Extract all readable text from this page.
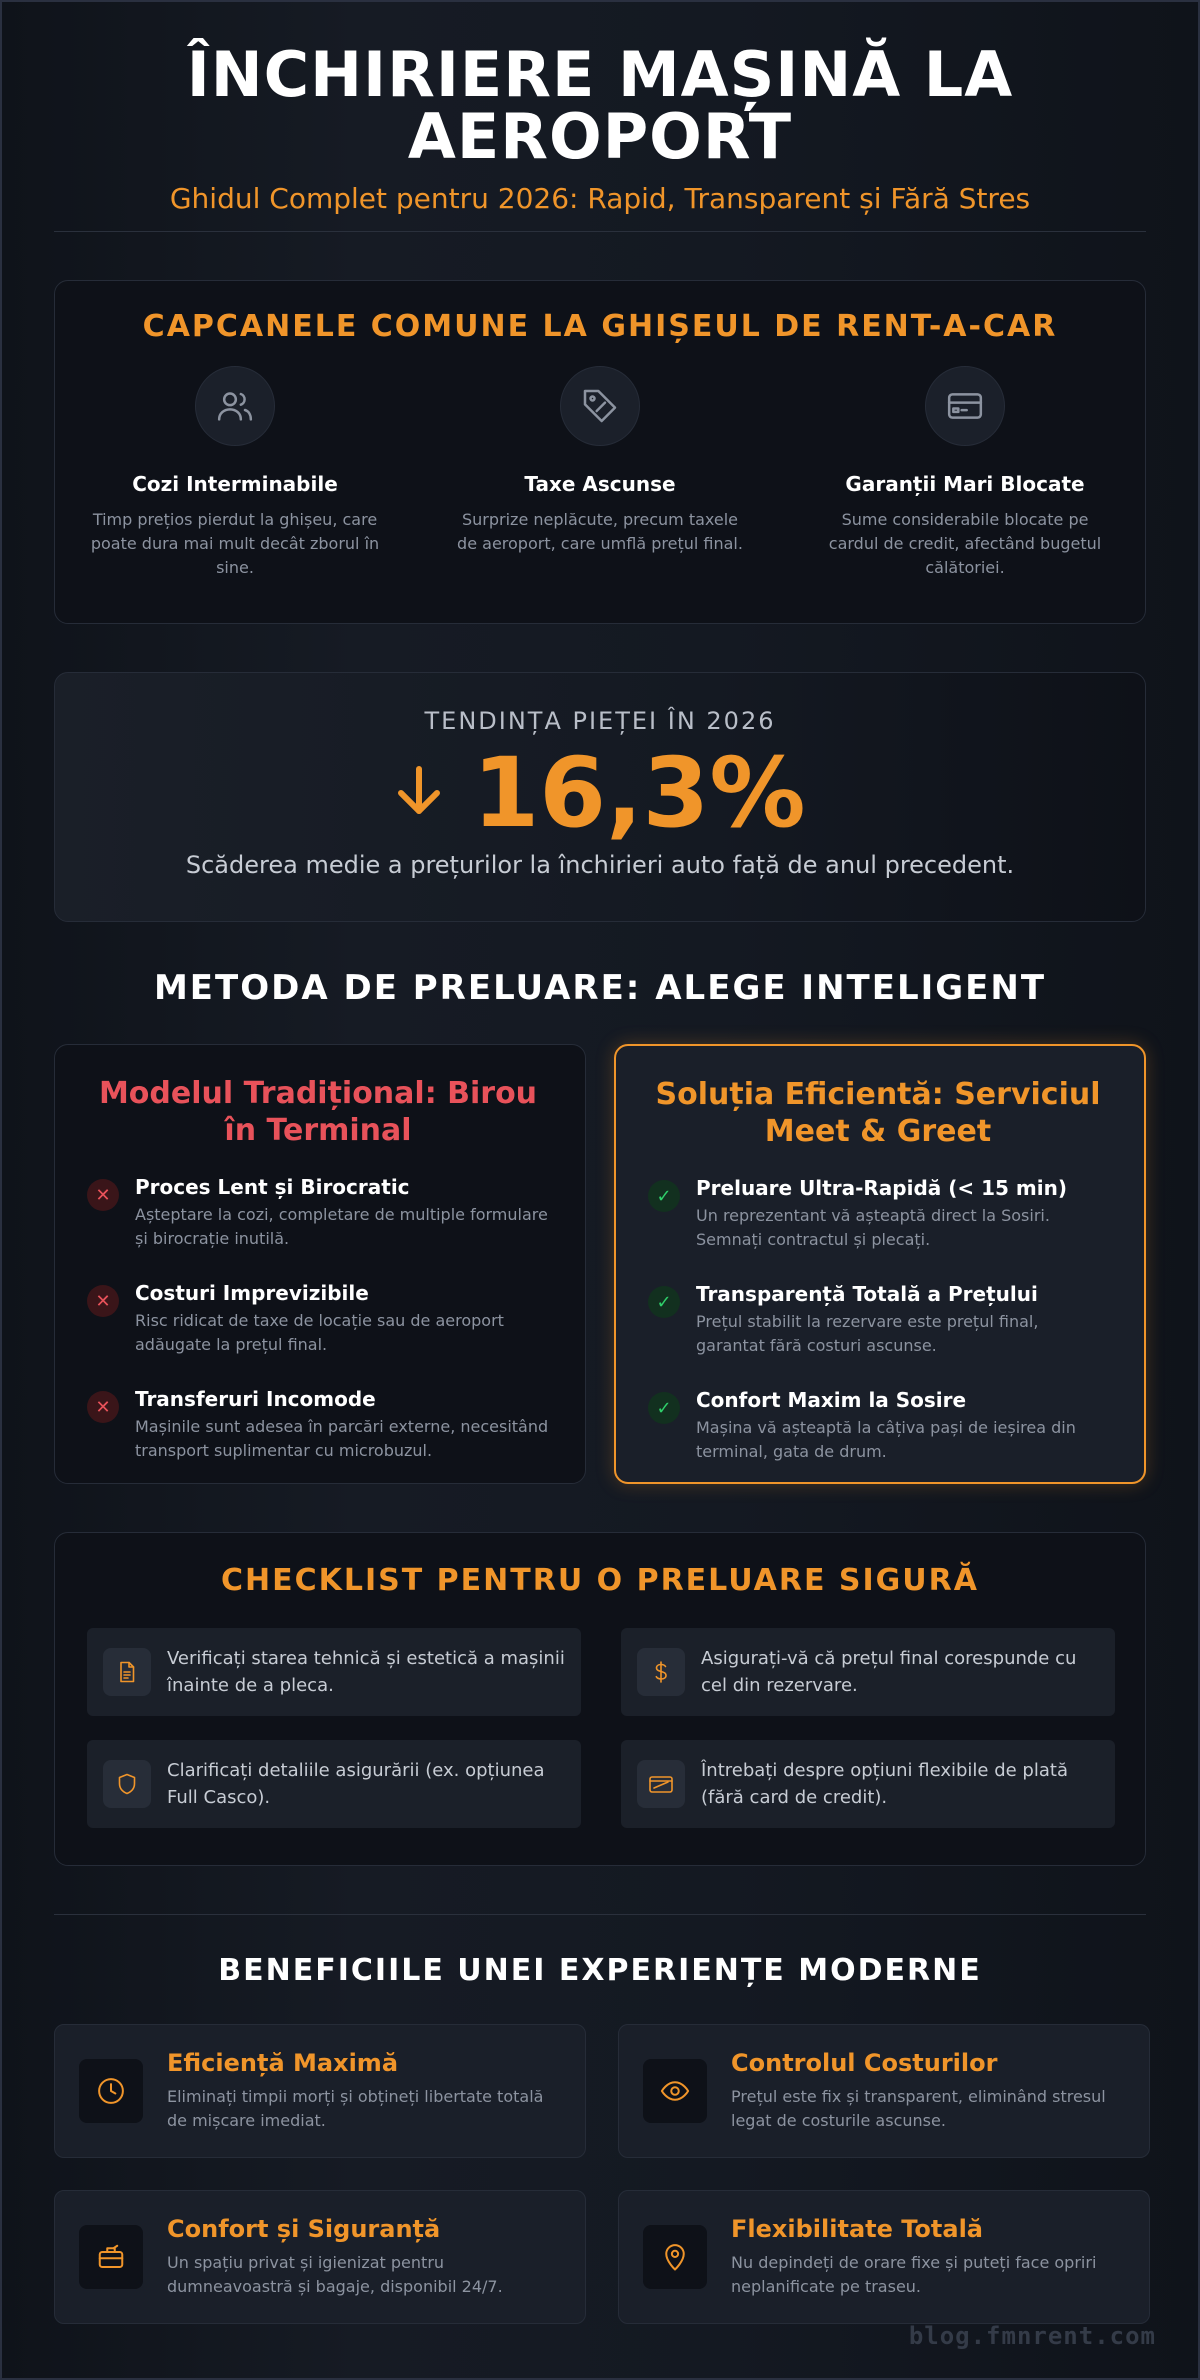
ÎNCHIRIERE MAȘINĂ LA AEROPORT
Ghidul Complet pentru 2026: Rapid, Transparent și Fără Stres
CAPCANELE COMUNE LA GHIȘEUL DE RENT-A-CAR
Cozi Interminabile
Timp prețios pierdut la ghișeu, care poate dura mai mult decât zborul în sine.
Taxe Ascunse
Surprize neplăcute, precum taxele de aeroport, care umflă prețul final.
Garanții Mari Blocate
Sume considerabile blocate pe cardul de credit, afectând bugetul călătoriei.
TENDINȚA PIEȚEI ÎN 2026
16,3%
Scăderea medie a prețurilor la închirieri auto față de anul precedent.
METODA DE PRELUARE: ALEGE INTELIGENT
Modelul Tradițional: Birou în Terminal
✕	Proces Lent și Birocratic
Așteptare la cozi, completare de multiple formulare și birocrație inutilă.
✕	Costuri Imprevizibile
Risc ridicat de taxe de locație sau de aeroport adăugate la prețul final.
✕	Transferuri Incomode
Mașinile sunt adesea în parcări externe, necesitând transport suplimentar cu microbuzul.
Soluția Eficientă: Serviciul Meet & Greet
✓	Preluare Ultra-Rapidă (< 15 min)
Un reprezentant vă așteaptă direct la Sosiri. Semnați contractul și plecați.
✓	Transparență Totală a Prețului
Prețul stabilit la rezervare este prețul final, garantat fără costuri ascunse.
✓	Confort Maxim la Sosire
Mașina vă așteaptă la câțiva pași de ieșirea din terminal, gata de drum.
CHECKLIST PENTRU O PRELUARE SIGURĂ
Verificați starea tehnică și estetică a mașinii înainte de a pleca.
Asigurați-vă că prețul final corespunde cu cel din rezervare.
Clarificați detaliile asigurării (ex. opțiunea Full Casco).
Întrebați despre opțiuni flexibile de plată (fără card de credit).
BENEFICIILE UNEI EXPERIENȚE MODERNE
Eficiență Maximă
Eliminați timpii morți și obțineți libertate totală de mișcare imediat.
Controlul Costurilor
Prețul este fix și transparent, eliminând stresul legat de costurile ascunse.
Confort și Siguranță
Un spațiu privat și igienizat pentru dumneavoastră și bagaje, disponibil 24/7.
Flexibilitate Totală
Nu depindeți de orare fixe și puteți face opriri neplanificate pe traseu.
blog.fmnrent.com
